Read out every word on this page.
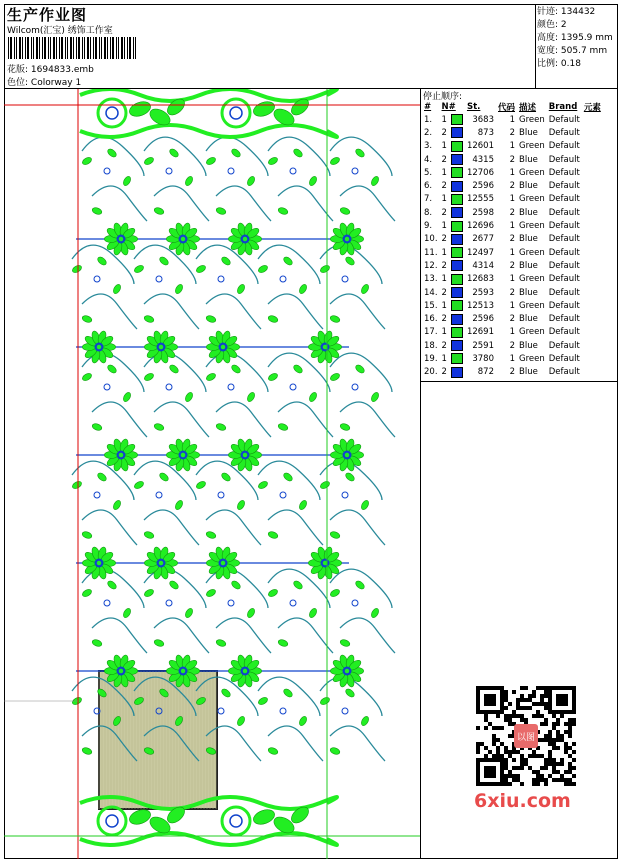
生产作业图
Wilcom(汇宝) 绣饰工作室
花版: 1694833.emb
色位: Colorway 1
针迹: 134432
颜色: 2
高度: 1395.9 mm
宽度: 505.7 mm
比例: 0.18
停止顺序:
#	N#		St.	代码	描述	Brand	元素
1.	1		3683	1	Green	Default	
2.	2		873	2	Blue	Default	
3.	1		12601	1	Green	Default	
4.	2		4315	2	Blue	Default	
5.	1		12706	1	Green	Default	
6.	2		2596	2	Blue	Default	
7.	1		12555	1	Green	Default	
8.	2		2598	2	Blue	Default	
9.	1		12696	1	Green	Default	
10.	2		2677	2	Blue	Default	
11.	1		12497	1	Green	Default	
12.	2		4314	2	Blue	Default	
13.	1		12683	1	Green	Default	
14.	2		2593	2	Blue	Default	
15.	1		12513	1	Green	Default	
16.	2		2596	2	Blue	Default	
17.	1		12691	1	Green	Default	
18.	2		2591	2	Blue	Default	
19.	1		3780	1	Green	Default	
20.	2		872	2	Blue	Default	
以图
6xiu.com
